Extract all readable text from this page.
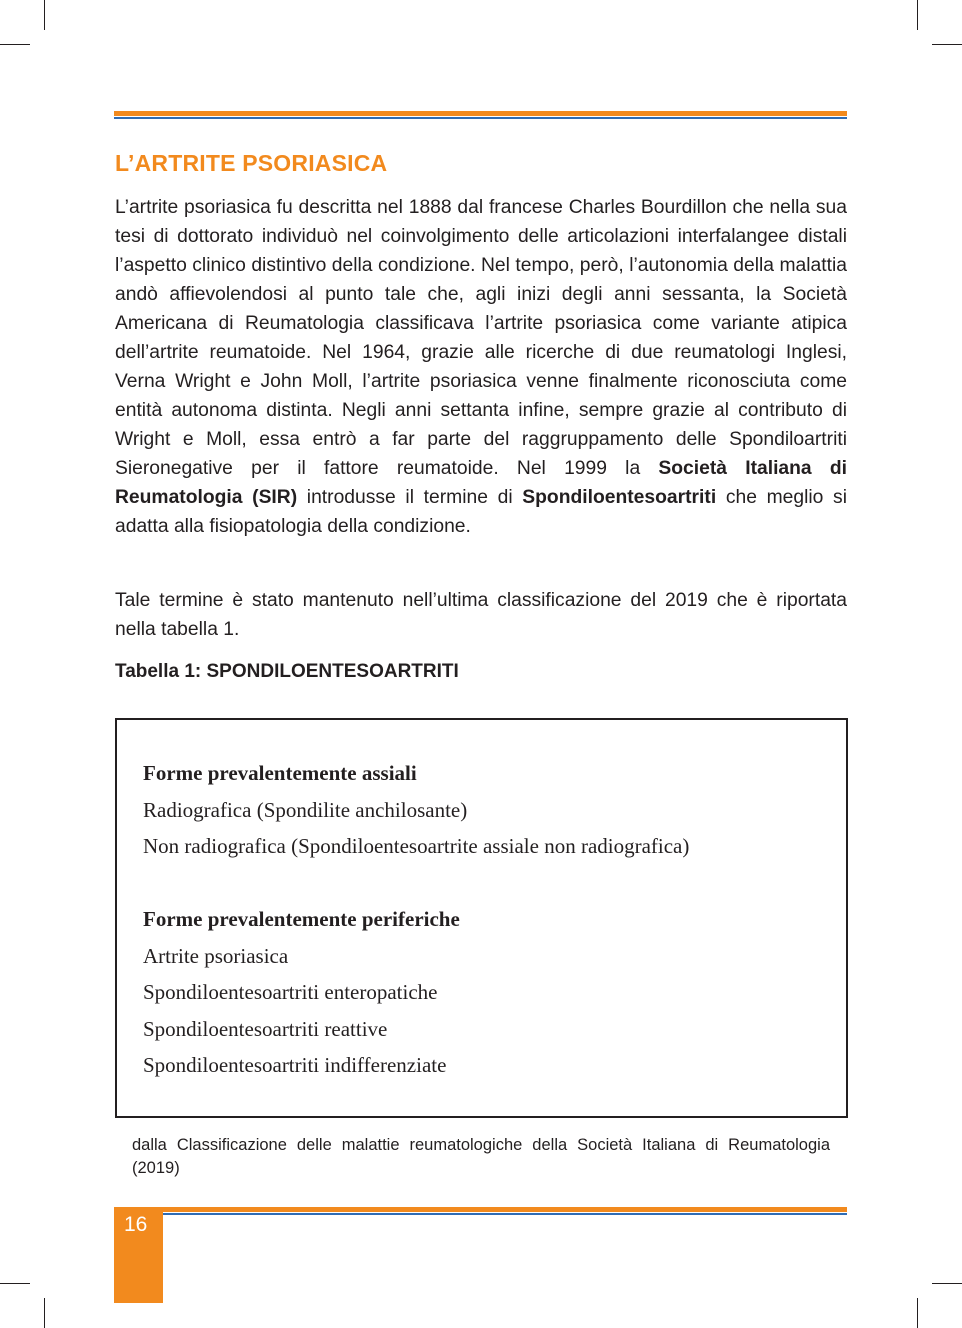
L’ARTRITE PSORIASICA

L’artrite psoriasica fu descritta nel 1888 dal francese Charles Bourdillon che nella sua tesi di dottorato individuò nel coinvolgimento delle articolazioni interfalangee distali l’aspetto clinico distintivo della condizione. Nel tempo, però, l’autonomia della malattia andò affievolendosi al punto tale che, agli inizi degli anni sessanta, la Società Americana di Reumatologia classificava l’artrite psoriasica come variante atipica dell’artrite reumatoide. Nel 1964, grazie alle ricerche di due reumatologi Inglesi, Verna Wright e John Moll, l’artrite psoriasica venne finalmente riconosciuta come entità autonoma distinta. Negli anni settanta infine, sempre grazie al contributo di Wright e Moll, essa entrò a far parte del raggruppamento delle Spondiloartriti Sieronegative per il fattore reumatoide. Nel 1999 la Società Italiana di Reumatologia (SIR) introdusse il termine di Spondiloentesoartriti che meglio si adatta alla fisiopatologia della condizione.

Tale termine è stato mantenuto nell’ultima classificazione del 2019 che è riportata nella tabella 1.

Tabella 1: SPONDILOENTESOARTRITI

Forme prevalentemente assiali
Radiografica (Spondilite anchilosante)
Non radiografica (Spondiloentesoartrite assiale non radiografica)
Forme prevalentemente periferiche
Artrite psoriasica
Spondiloentesoartriti enteropatiche
Spondiloentesoartriti reattive
Spondiloentesoartriti indifferenziate

dalla Classificazione delle malattie reumatologiche della Società Italiana di Reumatologia (2019)

16
